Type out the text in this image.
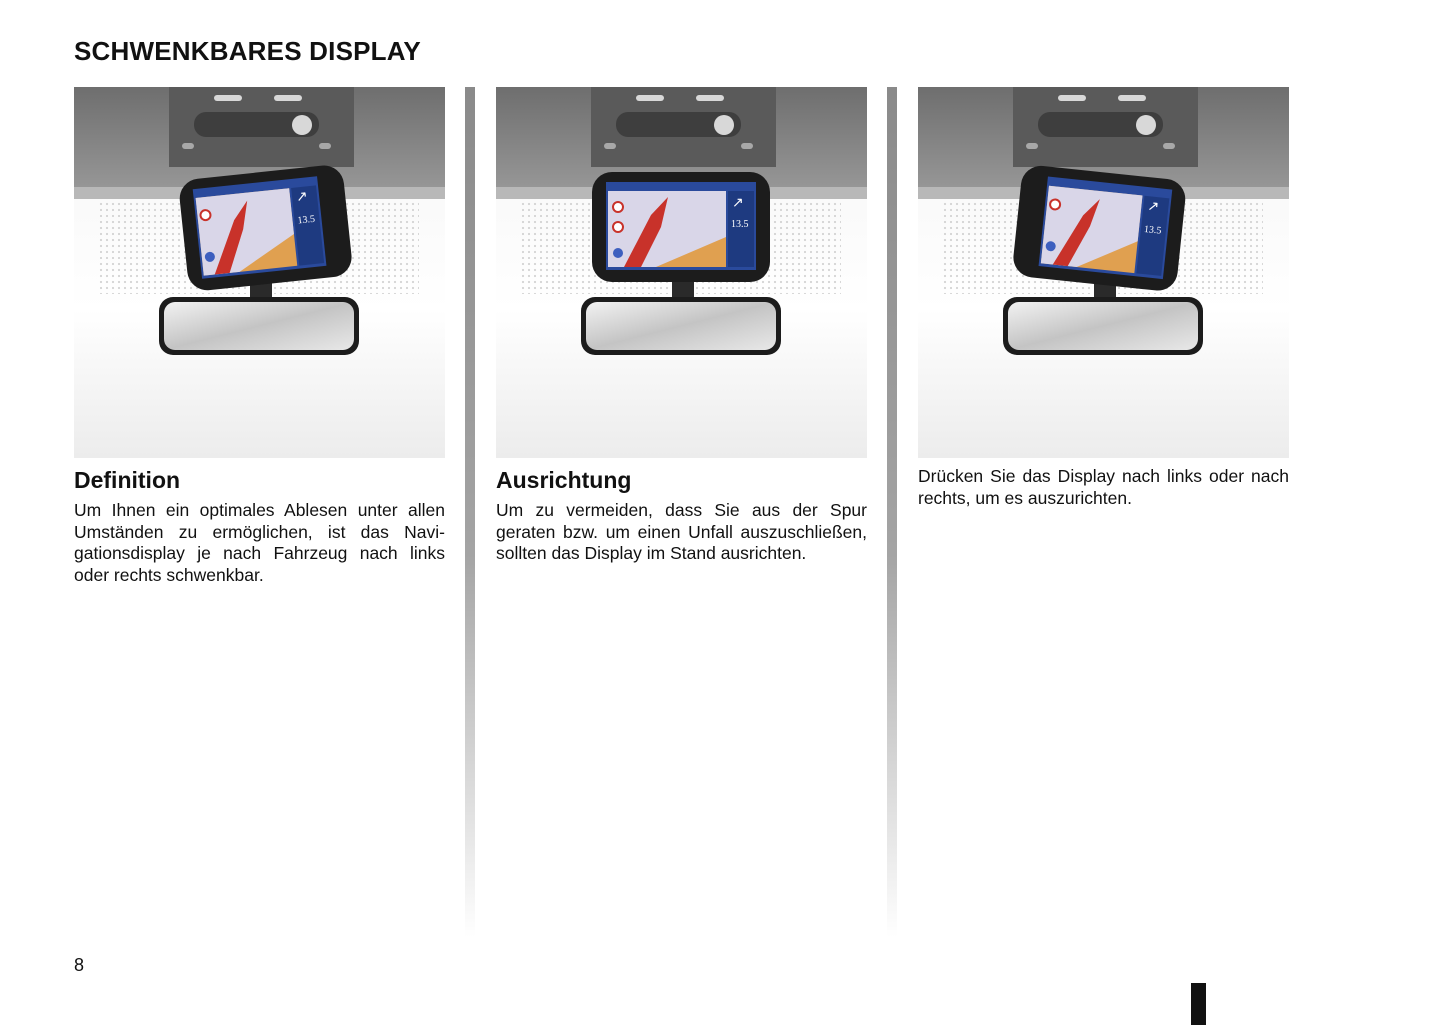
SCHWENKBARES DISPLAY
13.5
↗
Definition

Um Ihnen ein optimales Ablesen unter allen Umständen zu ermöglichen, ist das Navigationsdisplay je nach Fahrzeug nach links oder rechts schwenkbar.

13.5
↗
Ausrichtung

Um zu vermeiden, dass Sie aus der Spur geraten bzw. um einen Unfall auszuschließen, sollten das Display im Stand ausrichten.

13.5
↗

Drücken Sie das Display nach links oder nach rechts, um es auszurichten.

8
